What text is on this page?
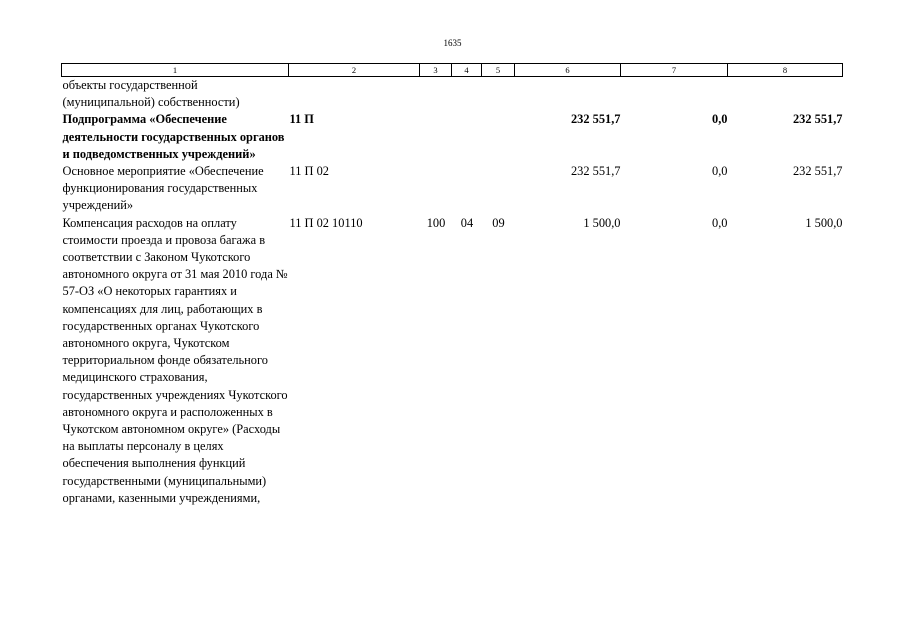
1635
1	2	3	4	5	6	7	8
объекты государственной (муниципальной) собственности)							
Подпрограмма «Обеспечение деятельности государственных органов и подведомственных учреждений»	11 П				232 551,7	0,0	232 551,7
Основное мероприятие «Обеспечение функционирования государственных учреждений»	11 П 02				232 551,7	0,0	232 551,7
Компенсация расходов на оплату стоимости проезда и провоза багажа в соответствии с Законом Чукотского автономного округа от 31 мая 2010 года № 57-ОЗ «О некоторых гарантиях и компенсациях для лиц, работающих в государственных органах Чукотского автономного округа, Чукотском территориальном фонде обязательного медицинского страхования, государственных учреждениях Чукотского автономного округа и расположенных в Чукотском автономном округе» (Расходы на выплаты персоналу в целях обеспечения выполнения функций государственными (муниципальными) органами, казенными учреждениями,	11 П 02 10110	100	04	09	1 500,0	0,0	1 500,0
